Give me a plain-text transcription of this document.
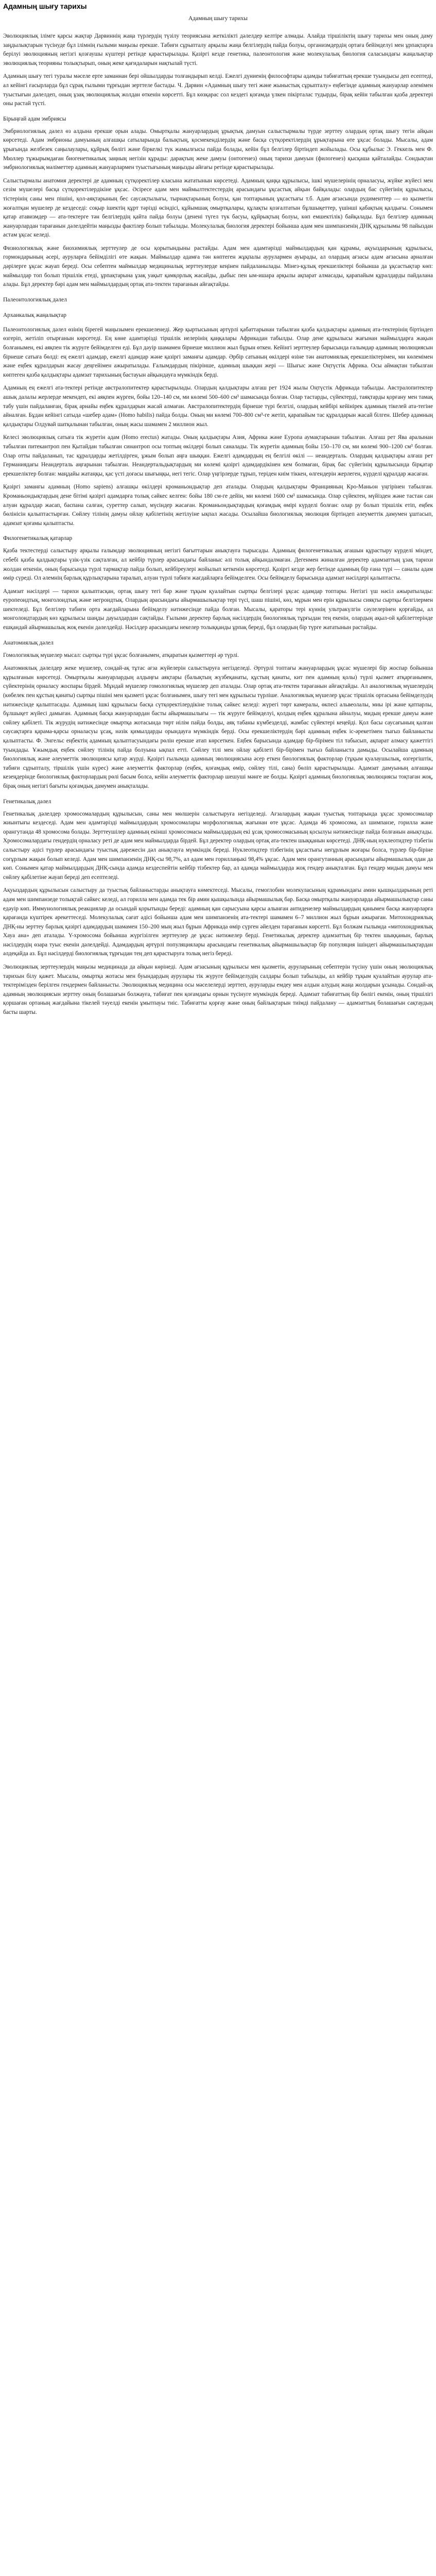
Адамның шығу тарихы
Адамның шығу тарихы

Эволюциялық ілімге қарсы жақтар Дарвиннің жаңа түрлердің түзілу теориясына жеткілікті дәлелдер келтіре алмады. Алайда тіршіліктің шығу тарихы мен оның даму заңдылықтарын түсінуде бұл ілімнің ғылыми маңызы ерекше. Табиғи сұрыпталу арқылы жаңа белгілердің пайда болуы, организмдердің ортаға бейімделуі мен ұрпақтарға берілуі эволюцияның негізгі қозғаушы күштері ретінде қарастырылады. Қазіргі кезде генетика, палеонтология және молекулалық биология саласындағы жаңалықтар эволюциялық теорияны толықтырып, оның жеке қағидаларын нақтылай түсті.

Адамның шығу тегі туралы мәселе ерте заманнан бері ойшылдарды толғандырып келді. Ежелгі дүниенің философтары адамды табиғаттың ерекше туындысы деп есептеді, ал кейінгі ғасырларда бұл сұрақ ғылыми тұрғыдан зерттеле бастады. Ч. Дарвин «Адамның шығу тегі және жыныстық сұрыпталу» еңбегінде адамның жануарлар әлемімен туыстығын дәлелдеп, оның ұзақ эволюциялық жолдан өткенін көрсетті. Бұл көзқарас сол кездегі қоғамда үлкен пікірталас тудырды, бірақ кейін табылған қазба деректері оны растай түсті.

Бірыңғай адам эмбриясы

Эмбриологиялық дәлел өз алдына ерекше орын алады. Омыртқалы жануарлардың ұрықтық дамуын салыстырмалы түрде зерттеу олардың ортақ шығу тегін айқын көрсетеді. Адам эмбрионы дамуының алғашқы сатыларында балықтың, қосмекенділердің және басқа сүтқоректілердің ұрықтарына өте ұқсас болады. Мысалы, адам ұрығында желбезек саңылаулары, құйрық бөлігі және біркелкі түк жамылғысы пайда болады, кейін бұл белгілер біртіндеп жойылады. Осы құбылыс Э. Геккель мен Ф. Мюллер тұжырымдаған биогенетикалық заңның негізін құрады: дарақтың жеке дамуы (онтогенез) оның тарихи дамуын (филогенез) қысқаша қайталайды. Сондықтан эмбриологиялық мәліметтер адамның жануарлармен туыстығының маңызды айғағы ретінде қарастырылады.

Салыстырмалы анатомия деректері де адамның сүтқоректілер класына жататынын көрсетеді. Адамның қаңқа құрылысы, ішкі мүшелерінің орналасуы, жүйке жүйесі мен сезім мүшелері басқа сүтқоректілердікіне ұқсас. Әсіресе адам мен маймылтектестердің арасындағы ұқсастық айқын байқалады: олардың бас сүйегінің құрылысы, тістерінің саны мен пішіні, қол-аяқтарының бес саусақтылығы, тырнақтарының болуы, қан топтарының ұқсастығы т.б. Адам ағзасында рудименттер — өз қызметін жоғалтқан мүшелер де кездеседі: соқыр ішектің құрт тәрізді өсіндісі, құйымшақ омыртқалары, құлақты қозғалтатын бұлшықеттер, үшінші қабақтың қалдығы. Сонымен қатар атавизмдер — ата-тектерге тән белгілердің қайта пайда болуы (денені түгел түк басуы, құйрықтың болуы, көп емшектілік) байқалады. Бұл белгілер адамның жануарлардан тарағанын дәлелдейтін маңызды фактілер болып табылады. Молекулалық биология деректері бойынша адам мен шимпанзенің ДНҚ құрылымы 98 пайыздан астам ұқсас келеді.

Физиологиялық және биохимиялық зерттеулер де осы қорытындыны растайды. Адам мен адамтәрізді маймылдардың қан құрамы, ақуыздарының құрылысы, гормондарының әсері, ауруларға бейімділігі өте жақын. Маймылдар адамға тән көптеген жұқпалы аурулармен ауырады, ал олардың ағзасы адам ағзасына арналған дәрілерге ұқсас жауап береді. Осы себептен маймылдар медициналық зерттеулерде кеңінен пайдаланылады. Мінез-құлық ерекшеліктері бойынша да ұқсастықтар көп: маймылдар топ болып тіршілік етеді, ұрпақтарына ұзақ уақыт қамқорлық жасайды, дыбыс пен ым-ишара арқылы ақпарат алмасады, қарапайым құралдарды пайдалана алады. Бұл деректер бәрі адам мен маймылдардың ортақ ата-тектен тарағанын айғақтайды.

Палеонтологиялық дәлел
Архаикалық жаңалықтар

Палеонтологиялық дәлел өзінің бірегей маңызымен ерекшеленеді. Жер қыртысының әртүрлі қабаттарынан табылған қазба қалдықтары адамның ата-тектерінің біртіндеп өзгеріп, жетіліп отырғанын көрсетеді. Ең көне адамтәрізді тіршілік иелерінің қаңқалары Африкадан табылды. Олар дене құрылысы жағынан маймылдарға жақын болғанымен, екі аяқпен тік жүруге бейімделген еді. Бұл дәуір шамамен бірнеше миллион жыл бұрын өткен. Кейінгі зерттеулер барысында ғалымдар адамның эволюциясын бірнеше сатыға бөлді: ең ежелгі адамдар, ежелгі адамдар және қазіргі заманғы адамдар. Әрбір сатының өкілдері өзіне тән анатомиялық ерекшеліктерімен, ми көлемімен және еңбек құралдарын жасау деңгейімен ажыратылады. Ғалымдардың пікірінше, адамның шыққан жері — Шығыс және Оңтүстік Африка. Осы аймақтан табылған көптеген қазба қалдықтары адамзат тарихының бастауын айқындауға мүмкіндік берді.

Адамның ең ежелгі ата-тектері ретінде австралопитектер қарастырылады. Олардың қалдықтары алғаш рет 1924 жылы Оңтүстік Африкада табылды. Австралопитектер ашық далалы жерлерде мекендеп, екі аяқпен жүрген, бойы 120–140 см, ми көлемі 500–600 см³ шамасында болған. Олар тастарды, сүйектерді, таяқтарды қорғану мен тамақ табу үшін пайдаланған, бірақ арнайы еңбек құралдарын жасай алмаған. Австралопитектердің бірнеше түрі белгілі, олардың кейбірі кейінірек адамның тікелей ата-тегіне айналған. Бұдан кейінгі сатыда «шебер адам» (Homo habilis) пайда болды. Оның ми көлемі 700–800 см³-ге жетіп, қарапайым тас құралдарын жасай білген. Шебер адамның қалдықтары Олдувай шатқалынан табылған, оның жасы шамамен 2 миллион жыл.

Келесі эволюциялық сатыға тік жүретін адам (Homo erectus) жатады. Оның қалдықтары Азия, Африка және Еуропа аумақтарынан табылған. Алғаш рет Ява аралынан табылған питекантроп пен Қытайдан табылған синантроп осы топтың өкілдері болып саналады. Тік жүретін адамның бойы 150–170 см, ми көлемі 900–1200 см³ болған. Олар отты пайдаланып, тас құралдарды жетілдірген, ұжым болып аңға шыққан. Ежелгі адамдардың ең белгілі өкілі — неандерталь. Олардың қалдықтары алғаш рет Германиядағы Неандерталь аңғарынан табылған. Неандертальдықтардың ми көлемі қазіргі адамдардікінен кем болмаған, бірақ бас сүйегінің құрылысында бірқатар ерекшеліктер болған: маңдайы жатаңқы, қас үсті доғасы шығыңқы, иегі тегіс. Олар үңгірлерде тұрып, теріден киім тіккен, өлгендерін жерлеген, күрделі құралдар жасаған.

Қазіргі заманғы адамның (Homo sapiens) алғашқы өкілдері кроманьондықтар деп аталады. Олардың қалдықтары Францияның Кро-Маньон үңгірінен табылған. Кроманьондықтардың дене бітімі қазіргі адамдарға толық сәйкес келген: бойы 180 см-ге дейін, ми көлемі 1600 см³ шамасында. Олар сүйектен, мүйізден және тастан сан алуан құралдар жасап, баспана салған, суреттер салып, мүсіндер жасаған. Кроманьондықтардың қоғамдық өмірі күрделі болған: олар ру болып тіршілік етіп, еңбек бөлінісін қалыптастырған. Сөйлеу тілінің дамуы ойлау қабілетінің жетілуіне ықпал жасады. Осылайша биологиялық эволюция біртіндеп әлеуметтік дамумен ұштасып, адамзат қоғамы қалыптасты.

Филогенетикалық қатарлар

Қазба тектестерді салыстыру арқылы ғалымдар эволюцияның негізгі бағыттарын анықтауға тырысады. Адамның филогенетикалық ағашын құрастыру күрделі міндет, себебі қазба қалдықтары үзік-үзік сақталған, ал кейбір түрлер арасындағы байланыс әлі толық айқындалмаған. Дегенмен жиналған деректер адамзаттың ұзақ тарихи жолдан өткенін, оның барысында түрлі тармақтар пайда болып, кейбіреулері жойылып кеткенін көрсетеді. Қазіргі кезде жер бетінде адамның бір ғана түрі — саналы адам өмір сүреді. Ол әлемнің барлық құрлықтарына таралып, алуан түрлі табиғи жағдайларға бейімделген. Осы бейімделу барысында адамзат нәсілдері қалыптасты.

Адамзат нәсілдері — тарихи қалыптасқан, ортақ шығу тегі бар және тұқым қуалайтын сыртқы белгілері ұқсас адамдар топтары. Негізгі үш нәсіл ажыратылады: еуропеоидтық, монголоидтық және негроидтық. Олардың арасындағы айырмашылықтар тері түсі, шаш пішіні, көз, мұрын мен ерін құрылысы сияқты сыртқы белгілермен шектеледі. Бұл белгілер табиғи орта жағдайларына бейімделу нәтижесінде пайда болған. Мысалы, қараторы тері күннің ультракүлгін сәулелерінен қорғайды, ал монголоидтардың көз құрылысы шаңды дауылдардан сақтайды. Ғылыми деректер барлық нәсілдердің биологиялық тұрғыдан тең екенін, олардың ақыл-ой қабілеттерінде ешқандай айырмашылық жоқ екенін дәлелдейді. Нәсілдер арасындағы некелер толыққанды ұрпақ береді, бұл олардың бір түрге жататынын растайды.

Анатомиялық дәлел

Гомологиялық мүшелер мысал: сыртқы түрі ұқсас болғанымен, атқаратын қызметтері әр түрлі.

Анатомиялық дәлелдер жеке мүшелер, сондай-ақ тұтас ағза жүйелерін салыстыруға негізделеді. Әртүрлі топтағы жануарлардың ұқсас мүшелері бір жоспар бойынша құрылғанын көрсетеді. Омыртқалы жануарлардың алдыңғы аяқтары (балықтың жүзбеқанаты, құстың қанаты, кит пен адамның қолы) түрлі қызмет атқарғанымен, сүйектерінің орналасу жоспары бірдей. Мұндай мүшелер гомологиялық мүшелер деп аталады. Олар ортақ ата-тектен тарағанын айғақтайды. Ал аналогиялық мүшелердің (көбелек пен құстың қанаты) сыртқы пішіні мен қызметі ұқсас болғанымен, шығу тегі мен құрылысы түрліше. Аналогиялық мүшелер ұқсас тіршілік ортасына бейімделудің нәтижесінде қалыптасады. Адамның ішкі құрылысы басқа сүтқоректілердікіне толық сәйкес келеді: жүрегі төрт камералы, өкпесі альвеолалы, миы ірі және қатпарлы, бұлшықет жүйесі дамыған. Адамның басқа жануарлардан басты айырмашылығы — тік жүруге бейімделуі, қолдың еңбек құралына айналуы, мидың ерекше дамуы және сөйлеу қабілеті. Тік жүрудің нәтижесінде омыртқа жотасында төрт иілім пайда болды, аяқ табаны күмбезделді, жамбас сүйектері кеңейді. Қол басы саусағының қалған саусақтарға қарама-қарсы орналасуы ұсақ, нәзік қимылдарды орындауға мүмкіндік берді. Осы ерекшеліктердің бәрі адамның еңбек іс-әрекетімен тығыз байланысты қалыптасты. Ф. Энгельс еңбектің адамның қалыптасуындағы рөлін ерекше атап көрсеткен. Еңбек барысында адамдар бір-бірімен тіл табысып, ақпарат алмасу қажеттігі туындады. Ұжымдық еңбек сөйлеу тілінің пайда болуына ықпал етті. Сөйлеу тілі мен ойлау қабілеті бір-бірімен тығыз байланыста дамыды. Осылайша адамның биологиялық және әлеуметтік эволюциясы қатар жүрді. Қазіргі ғылымда адамның эволюциясына әсер еткен биологиялық факторлар (тұқым қуалаушылық, өзгергіштік, табиғи сұрыпталу, тіршілік үшін күрес) және әлеуметтік факторлар (еңбек, қоғамдық өмір, сөйлеу тілі, сана) бөліп қарастырылады. Адамзат дамуының алғашқы кезеңдерінде биологиялық факторлардың рөлі басым болса, кейін әлеуметтік факторлар шешуші мәнге ие болды. Қазіргі адамның биологиялық эволюциясы тоқтаған жоқ, бірақ оның негізгі бағыты қоғамдық дамумен анықталады.

Генетикалық дәлел

Генетикалық дәлелдер хромосомалардың құрылысын, саны мен мөлшерін салыстыруға негізделеді. Ағзалардың жақын туыстық топтарында ұқсас хромосомалар жиынтығы кездеседі. Адам мен адамтәрізді маймылдардың хромосомалары морфологиялық жағынан өте ұқсас. Адамда 46 хромосома, ал шимпанзе, горилла және орангутанда 48 хромосома болады. Зерттеушілер адамның екінші хромосомасы маймылдардың екі ұсақ хромосомасының қосылуы нәтижесінде пайда болғанын анықтады. Хромосомалардағы гендердің орналасу реті де адам мен маймылдарда бірдей. Бұл деректер олардың ортақ ата-тектен шыққанын көрсетеді. ДНҚ-ның нуклеотидтер тізбегін салыстыру әдісі түрлер арасындағы туыстық дәрежесін дәл анықтауға мүмкіндік береді. Нуклеотидтер тізбегінің ұқсастығы неғұрлым жоғары болса, түрлер бір-біріне соғұрлым жақын болып келеді. Адам мен шимпанзенің ДНҚ-сы 98,7%, ал адам мен гориллаңыкі 98,4% ұқсас. Адам мен орангутанның арасындағы айырмашылық одан да көп. Сонымен қатар маймылдардың ДНҚ-сында адамда кездеспейтін кейбір тізбектер бар, ал адамда маймылдарда жоқ гендер анықталған. Бұл гендер мидың дамуы мен сөйлеу қабілетіне жауап береді деп есептеледі.

Ақуыздардың құрылысын салыстыру да туыстық байланыстарды анықтауға көмектеседі. Мысалы, гемоглобин молекуласының құрамындағы амин қышқылдарының реті адам мен шимпанзеде толықтай сәйкес келеді, ал горилла мен адамда тек бір амин қышқылында айырмашылық бар. Басқа омыртқалы жануарларда айырмашылықтар саны едәуір көп. Иммунологиялық реакциялар да осындай қорытынды береді: адамның қан сарысуына қарсы алынған антиденелер маймылдардың қанымен басқа жануарларға қарағанда күштірек әрекеттеседі. Молекулалық сағат әдісі бойынша адам мен шимпанзенің ата-тектері шамамен 6–7 миллион жыл бұрын ажыраған. Митохондриялық ДНҚ-ны зерттеу барлық қазіргі адамдардың шамамен 150–200 мың жыл бұрын Африкада өмір сүрген әйелден тарағанын көрсетті. Бұл болжам ғылымда «митохондриялық Хауа ана» деп аталады. Y-хромосома бойынша жүргізілген зерттеулер де ұқсас нәтижелер берді. Генетикалық деректер адамзаттың бір тектен шыққанын, барлық нәсілдердің өзара туыс екенін дәлелдейді. Адамдардың әртүрлі популяциялары арасындағы генетикалық айырмашылықтар бір популяция ішіндегі айырмашылықтардан әлдеқайда аз. Бұл нәсілдерді биологиялық тұрғыдан тең деп қарастыруға толық негіз береді.

Эволюциялық зерттеулердің маңызы медицинада да айқын көрінеді. Адам ағзасының құрылысы мен қызметін, ауруларының себептерін түсіну үшін оның эволюциялық тарихын білу қажет. Мысалы, омыртқа жотасы мен буындардың аурулары тік жүруге бейімделудің салдары болып табылады, ал кейбір тұқым қуалайтын аурулар ата-тектерімізден берілген гендермен байланысты. Эволюциялық медицина осы мәселелерді зерттеп, ауруларды емдеу мен алдын алудың жаңа жолдарын ұсынады. Сондай-ақ адамның эволюциясын зерттеу оның болашағын болжауға, табиғат пен қоғамдағы орнын түсінуге мүмкіндік береді. Адамзат табиғаттың бір бөлігі екенін, оның тіршілігі қоршаған ортаның жағдайына тікелей тәуелді екенін ұмытпауы тиіс. Табиғатты қорғау және оның байлықтарын тиімді пайдалану — адамзаттың болашағын сақтаудың басты шарты.
